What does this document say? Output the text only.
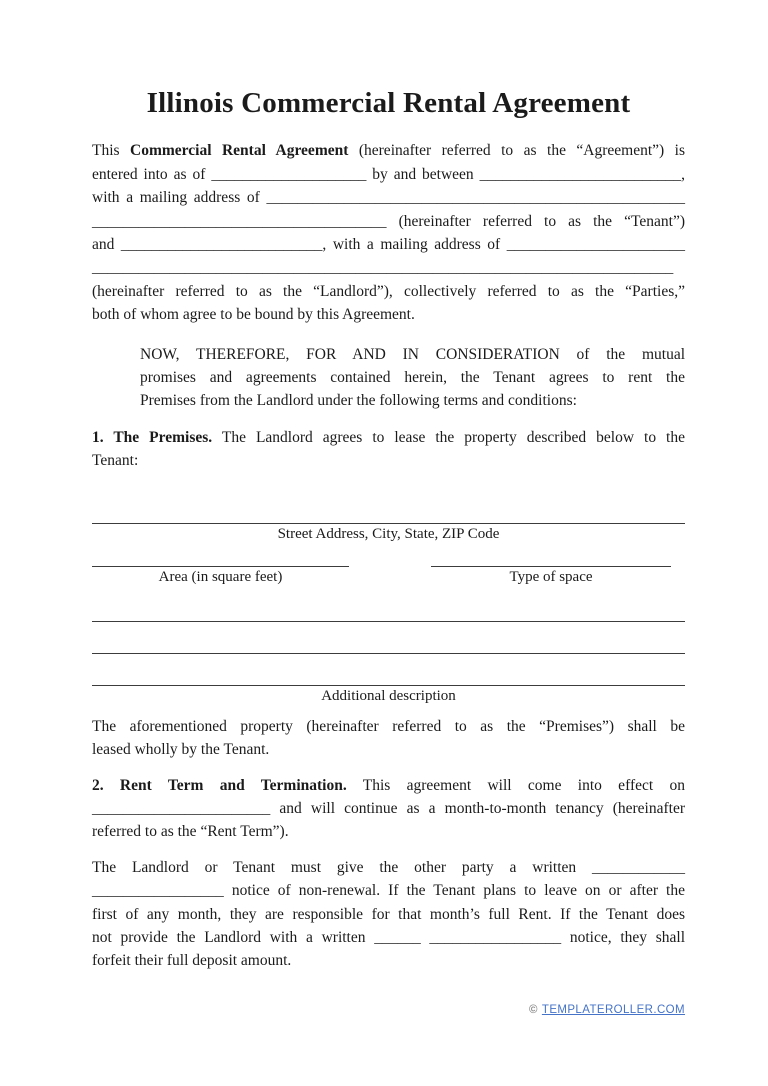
Illinois Commercial Rental Agreement
This Commercial Rental Agreement (hereinafter referred to as the “Agreement”) is
entered into as of ____________________ by and between __________________________,
with a mailing address of ______________________________________________________
______________________________________ (hereinafter referred to as the “Tenant”)
and __________________________, with a mailing address of _______________________
___________________________________________________________________________
(hereinafter referred to as the “Landlord”), collectively referred to as the “Parties,”
both of whom agree to be bound by this Agreement.
NOW, THEREFORE, FOR AND IN CONSIDERATION of the mutual
promises and agreements contained herein, the Tenant agrees to rent the
Premises from the Landlord under the following terms and conditions:
1. The Premises. The Landlord agrees to lease the property described below to the
Tenant:
Street Address, City, State, ZIP Code
Area (in square feet)	Type of space
Additional description
The aforementioned property (hereinafter referred to as the “Premises”) shall be
leased wholly by the Tenant.
2. Rent Term and Termination. This agreement will come into effect on
_______________________ and will continue as a month-to-month tenancy (hereinafter
referred to as the “Rent Term”).
The Landlord or Tenant must give the other party a written ____________
_________________ notice of non-renewal. If the Tenant plans to leave on or after the
first of any month, they are responsible for that month’s full Rent. If the Tenant does
not provide the Landlord with a written ______ _________________ notice, they shall
forfeit their full deposit amount.
© TEMPLATEROLLER.COM
